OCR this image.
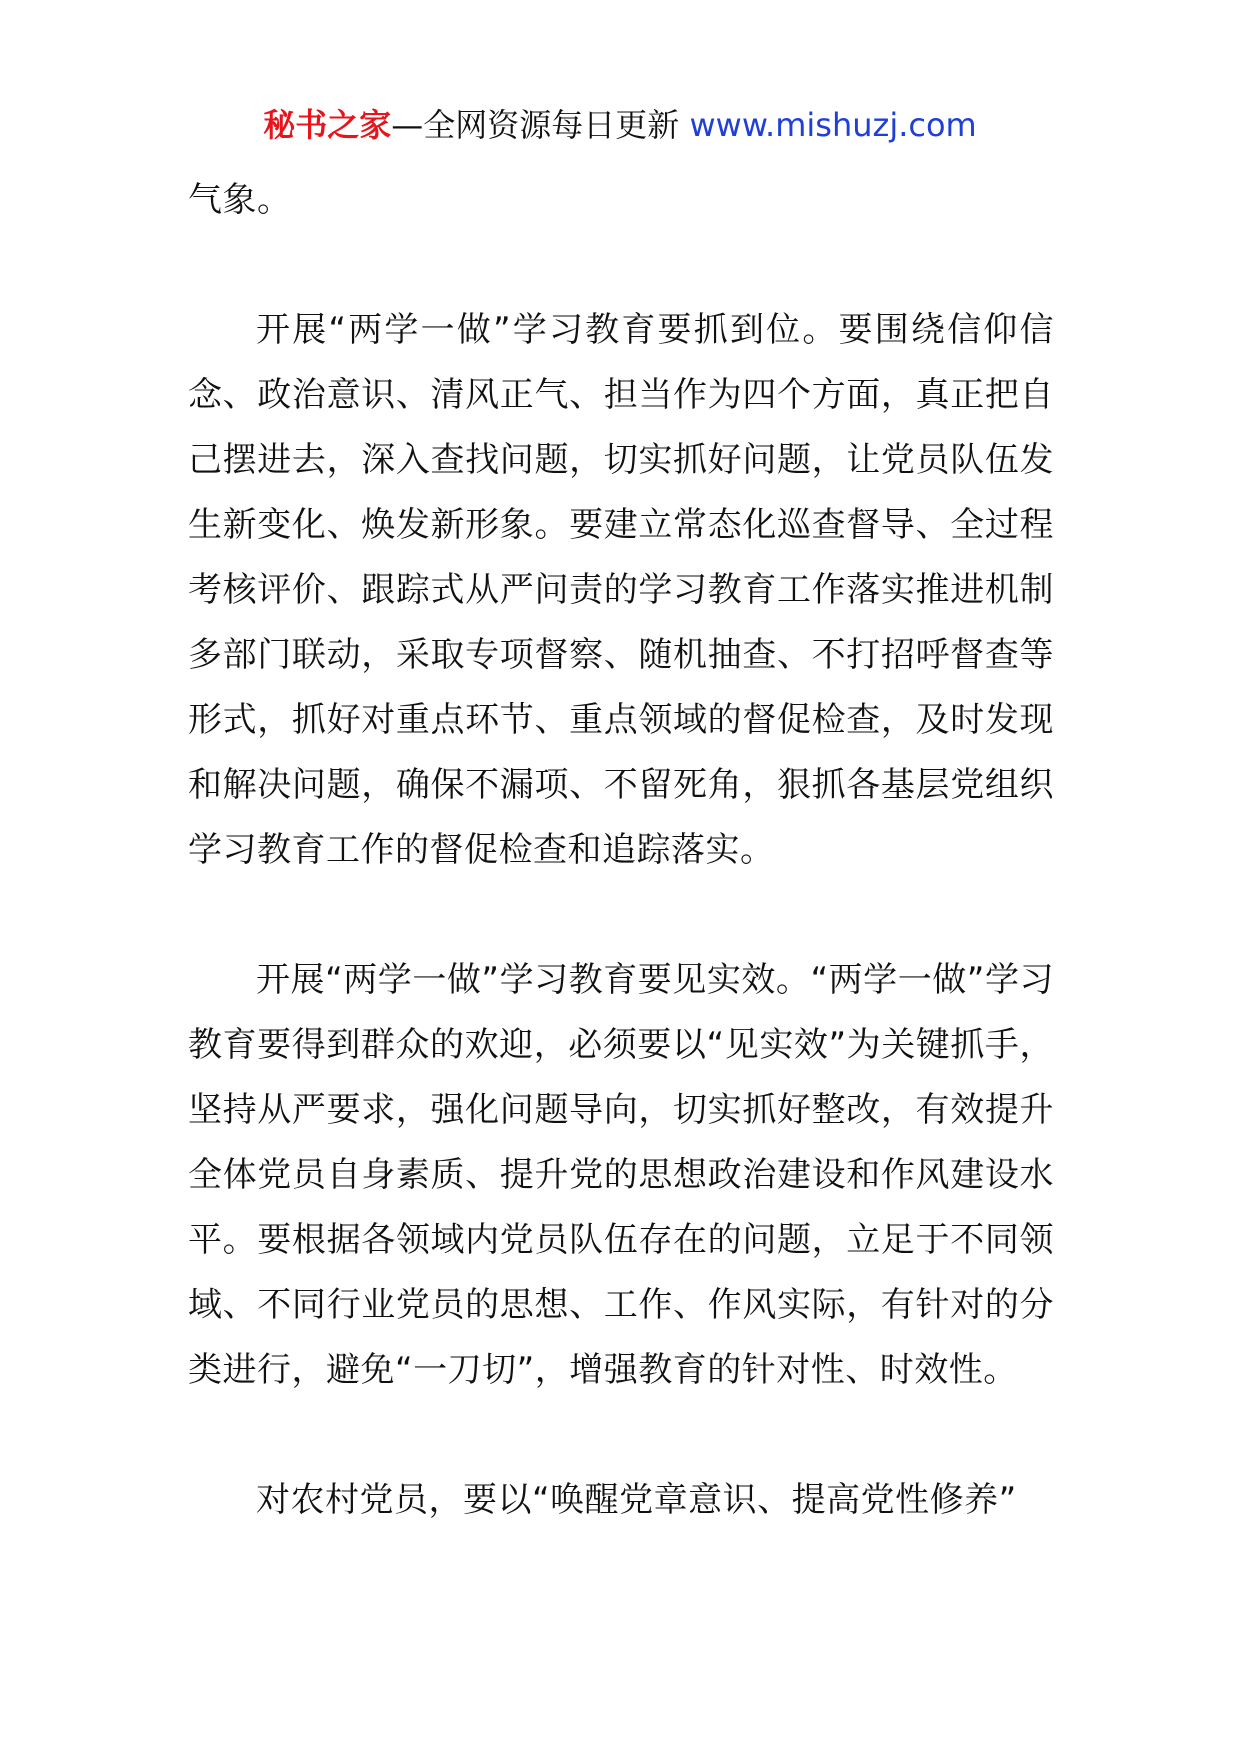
秘书之家—全网资源每日更新 www.mishuzj.com

气象。

开展“两学一做”学习教育要抓到位。要围绕信仰信念、政治意识、清风正气、担当作为四个方面，真正把自己摆进去，深入查找问题，切实抓好问题，让党员队伍发生新变化、焕发新形象。要建立常态化巡查督导、全过程考核评价、跟踪式从严问责的学习教育工作落实推进机制多部门联动，采取专项督察、随机抽查、不打招呼督查等形式，抓好对重点环节、重点领域的督促检查，及时发现和解决问题，确保不漏项、不留死角，狠抓各基层党组织学习教育工作的督促检查和追踪落实。

开展“两学一做”学习教育要见实效。“两学一做”学习教育要得到群众的欢迎，必须要以“见实效”为关键抓手，坚持从严要求，强化问题导向，切实抓好整改，有效提升全体党员自身素质、提升党的思想政治建设和作风建设水平。要根据各领域内党员队伍存在的问题，立足于不同领域、不同行业党员的思想、工作、作风实际，有针对的分类进行，避免“一刀切”，增强教育的针对性、时效性。

对农村党员，要以“唤醒党章意识、提高党性修养”
